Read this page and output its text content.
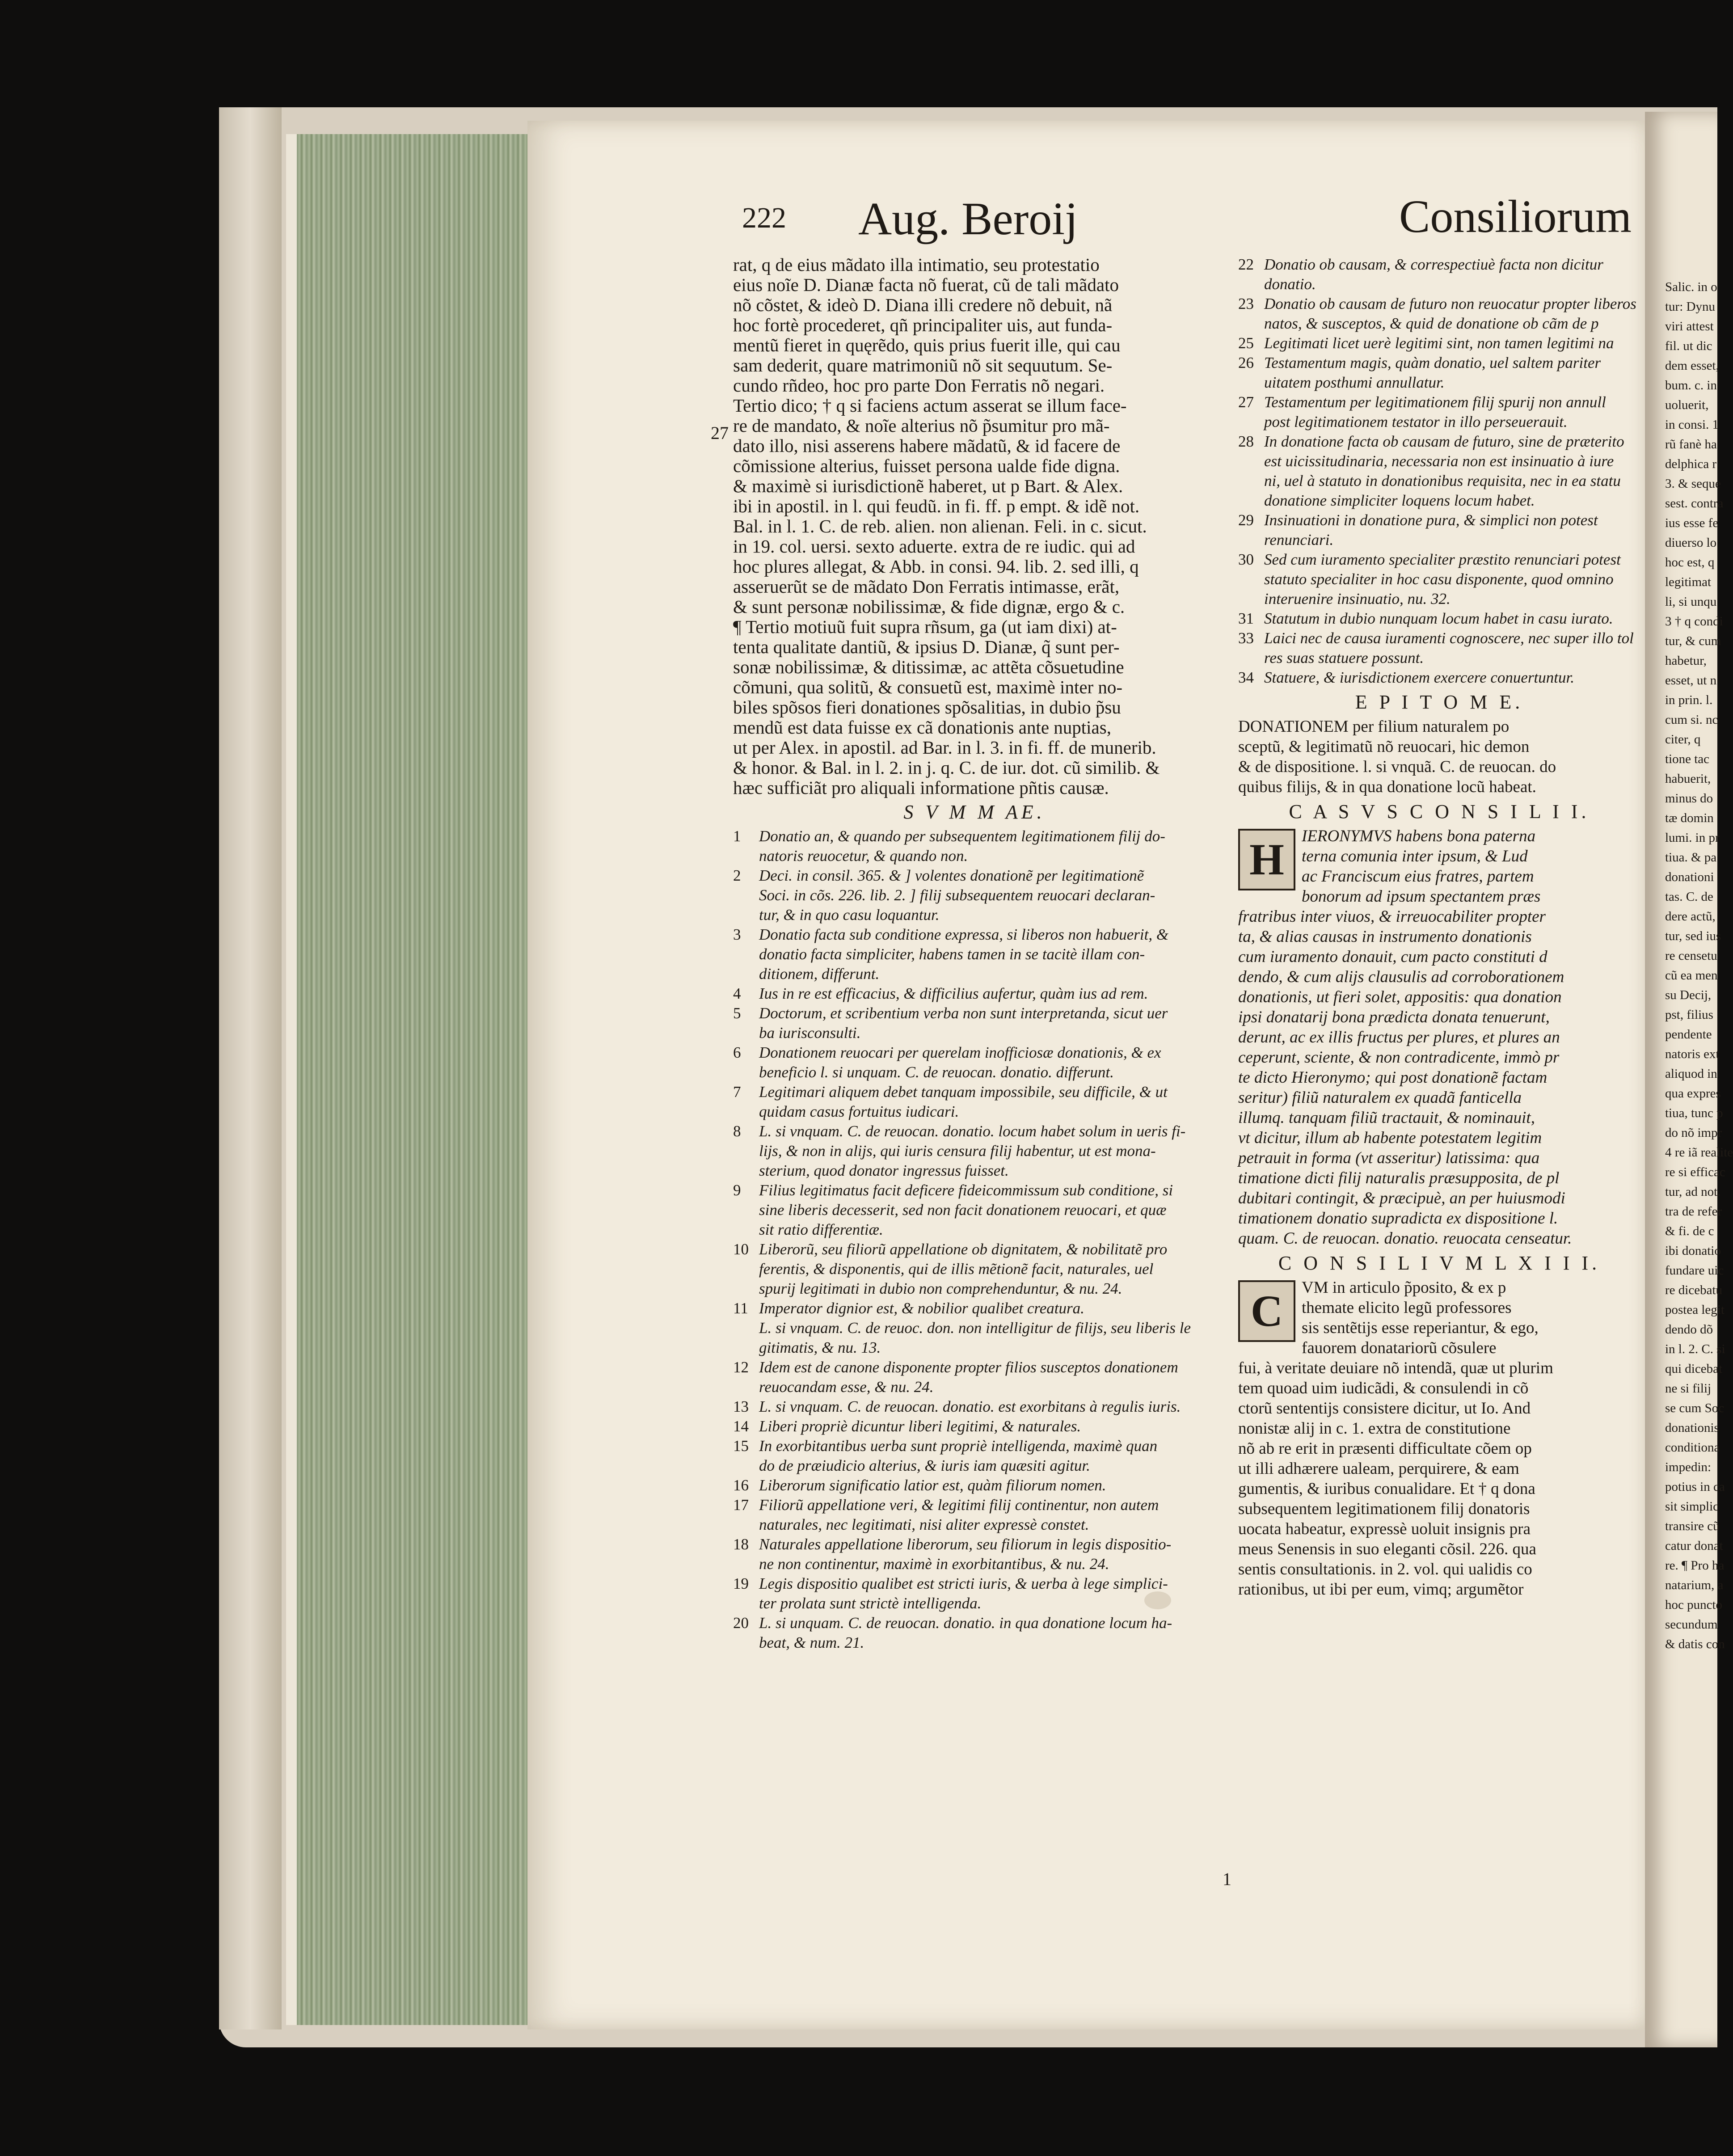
222 Aug. Beroij	Consiliorum
27
1
rat, q de eius mãdato illa intimatio, seu protestatio
eius noĩe D. Dianæ facta nõ fuerat, cũ de tali mãdato
nõ cõstet, & ideò D. Diana illi credere nõ debuit, nã
hoc fortè procederet, qñ principaliter uis, aut funda-
mentũ fieret in quęrẽdo, quis prius fuerit ille, qui cau
sam dederit, quare matrimoniũ nõ sit sequutum. Se-
cundo rñdeo, hoc pro parte Don Ferratis nõ negari.
Tertio dico; † q si faciens actum asserat se illum face-
re de mandato, & noĩe alterius nõ p̃sumitur pro mã-
dato illo, nisi asserens habere mãdatũ, & id facere de
cõmissione alterius, fuisset persona ualde fide digna.
& maximè si iurisdictionẽ haberet, ut p Bart. & Alex.
ibi in apostil. in l. qui feudũ. in fi. ff. p empt. & idẽ not.
Bal. in l. 1. C. de reb. alien. non alienan. Feli. in c. sicut.
in 19. col. uersi. sexto aduerte. extra de re iudic. qui ad
hoc plures allegat, & Abb. in consi. 94. lib. 2. sed illi, q
asseruerũt se de mãdato Don Ferratis intimasse, erãt,
& sunt personæ nobilissimæ, & fide dignæ, ergo & c.
¶ Tertio motiuũ fuit supra rñsum, ga (ut iam dixi) at-
tenta qualitate dantiũ, & ipsius D. Dianæ, q̃ sunt per-
sonæ nobilissimæ, & ditissimæ, ac attẽta cõsuetudine
cõmuni, qua solitũ, & consuetũ est, maximè inter no-
biles spõsos fieri donationes spõsalitias, in dubio p̃su
mendũ est data fuisse ex cã donationis ante nuptias,
ut per Alex. in apostil. ad Bar. in l. 3. in fi. ff. de munerib.
& honor. & Bal. in l. 2. in j. q. C. de iur. dot. cũ similib. &
hæc sufficiãt pro aliquali informatione pñtis causæ.
S V M M AE.
1 Donatio an, & quando per subsequentem legitimationem filij do-
natoris reuocetur, & quando non.
2 Deci. in consil. 365. & ] volentes donationẽ per legitimationẽ
Soci. in cõs. 226. lib. 2. ] filij subsequentem reuocari declaran-
tur, & in quo casu loquantur.
3 Donatio facta sub conditione expressa, si liberos non habuerit, &
donatio facta simpliciter, habens tamen in se tacitè illam con-
ditionem, differunt.
4 Ius in re est efficacius, & difficilius aufertur, quàm ius ad rem.
5 Doctorum, et scribentium verba non sunt interpretanda, sicut uer
ba iurisconsulti.
6 Donationem reuocari per querelam inofficiosæ donationis, & ex
beneficio l. si unquam. C. de reuocan. donatio. differunt.
7 Legitimari aliquem debet tanquam impossibile, seu difficile, & ut
quidam casus fortuitus iudicari.
8 L. si vnquam. C. de reuocan. donatio. locum habet solum in ueris fi-
lijs, & non in alijs, qui iuris censura filij habentur, ut est mona-
sterium, quod donator ingressus fuisset.
9 Filius legitimatus facit deficere fideicommissum sub conditione, si
sine liberis decesserit, sed non facit donationem reuocari, et quæ
sit ratio differentiæ.
10 Liberorũ, seu filiorũ appellatione ob dignitatem, & nobilitatẽ pro
ferentis, & disponentis, qui de illis mẽtionẽ facit, naturales, uel
spurij legitimati in dubio non comprehenduntur, & nu. 24.
11 Imperator dignior est, & nobilior qualibet creatura.
L. si vnquam. C. de reuoc. don. non intelligitur de filijs, seu liberis le
gitimatis, & nu. 13.
12 Idem est de canone disponente propter filios susceptos donationem
reuocandam esse, & nu. 24.
13 L. si vnquam. C. de reuocan. donatio. est exorbitans à regulis iuris.
14 Liberi propriè dicuntur liberi legitimi, & naturales.
15 In exorbitantibus uerba sunt propriè intelligenda, maximè quan
do de præiudicio alterius, & iuris iam quæsiti agitur.
16 Liberorum significatio latior est, quàm filiorum nomen.
17 Filiorũ appellatione veri, & legitimi filij continentur, non autem
naturales, nec legitimati, nisi aliter expressè constet.
18 Naturales appellatione liberorum, seu filiorum in legis dispositio-
ne non continentur, maximè in exorbitantibus, & nu. 24.
19 Legis dispositio qualibet est stricti iuris, & uerba à lege simplici-
ter prolata sunt strictè intelligenda.
20 L. si unquam. C. de reuocan. donatio. in qua donatione locum ha-
beat, & num. 21.
22 Donatio ob causam, & correspectiuè facta non dicitur
donatio.
23 Donatio ob causam de futuro non reuocatur propter liberos
natos, & susceptos, & quid de donatione ob cãm de p
25 Legitimati licet uerè legitimi sint, non tamen legitimi na
26 Testamentum magis, quàm donatio, uel saltem pariter
uitatem posthumi annullatur.
27 Testamentum per legitimationem filij spurij non annull
post legitimationem testator in illo perseuerauit.
28 In donatione facta ob causam de futuro, sine de præterito
est uicissitudinaria, necessaria non est insinuatio à iure
ni, uel à statuto in donationibus requisita, nec in ea statu
donatione simpliciter loquens locum habet.
29 Insinuationi in donatione pura, & simplici non potest
renunciari.
30 Sed cum iuramento specialiter præstito renunciari potest
statuto specialiter in hoc casu disponente, quod omnino
interuenire insinuatio, nu. 32.
31 Statutum in dubio nunquam locum habet in casu iurato.
33 Laici nec de causa iuramenti cognoscere, nec super illo tol
res suas statuere possunt.
34 Statuere, & iurisdictionem exercere conuertuntur.
E P I T O M E.
DONATIONEM per filium naturalem po
sceptũ, & legitimatũ nõ reuocari, hic demon
& de dispositione. l. si vnquã. C. de reuocan. do
quibus filijs, & in qua donatione locũ habeat.
C A S V S C O N S I L I I.
H	IERONYMVS habens bona paterna
terna comunia inter ipsum, & Lud
ac Franciscum eius fratres, partem
bonorum ad ipsum spectantem præs
fratribus inter viuos, & irreuocabiliter propter
ta, & alias causas in instrumento donationis
cum iuramento donauit, cum pacto constituti d
dendo, & cum alijs clausulis ad corroborationem
donationis, ut fieri solet, appositis: qua donation
ipsi donatarij bona prædicta donata tenuerunt,
derunt, ac ex illis fructus per plures, et plures an
ceperunt, sciente, & non contradicente, immò pr
te dicto Hieronymo; qui post donationẽ factam
seritur) filiũ naturalem ex quadã fanticella
illumq. tanquam filiũ tractauit, & nominauit,
vt dicitur, illum ab habente potestatem legitim
petrauit in forma (vt asseritur) latissima: qua
timatione dicti filij naturalis præsupposita, de pl
dubitari contingit, & præcipuè, an per huiusmodi
timationem donatio supradicta ex dispositione l.
quam. C. de reuocan. donatio. reuocata censeatur.
C O N S I L I V M L X I I I.
C	VM in articulo p̃posito, & ex p
themate elicito legũ professores
sis sentẽtijs esse reperiantur, & ego,
fauorem donatariorũ cõsulere
fui, à veritate deuiare nõ intendã, quæ ut plurim
tem quoad uim iudicãdi, & consulendi in cõ
ctorũ sententijs consistere dicitur, ut Io. And
nonistæ alij in c. 1. extra de constitutione
nõ ab re erit in præsenti difficultate cõem op
ut illi adhærere ualeam, perquirere, & eam
gumentis, & iuribus conualidare. Et † q dona
subsequentem legitimationem filij donatoris
uocata habeatur, expressè uoluit insignis pra
meus Senensis in suo eleganti cõsil. 226. qua
sentis consultationis. in 2. vol. qui ualidis co
rationibus, ut ibi per eum, vimq; argumẽtor
Salic. in o
tur: Dynu
viri attest
fil. ut dic
dem esset,
bum. c. in
uoluerit,
in consi. 1
rũ fanè ha
delphica r
3. & seque
sest. contra
ius esse fe
diuerso lo
hoc est, q
legitimat
li, si unqu
3 † q condi
tur, & cum
habetur,
esset, ut n
in prin. l.
cum si. nc
citer, q
tione tac
habuerit,
minus do
tæ domin
lumi. in pr
tiua. & pa
donationi
tas. C. de
dere actũ,
tur, sed ius
re censetu
cũ ea men
su Decij,
pst, filius
pendente
natoris ext
aliquod in
qua expres
tiua, tunc p
do nõ impr
4 re iã realite
re si efficac
tur, ad not.
tra de refer
& fi. de c
ibi donatio
fundare uic
re dicebatu
postea legit
dendo dõ
in l. 2. C. si
qui dicebat
ne si filij
se cum Soc
donationis
conditiona
impedin:
potius in ca
sit simplic
transire cũ
catur donat
re. ¶ Pro ha
natarium, a
hoc puncto
secundum
& datis con
